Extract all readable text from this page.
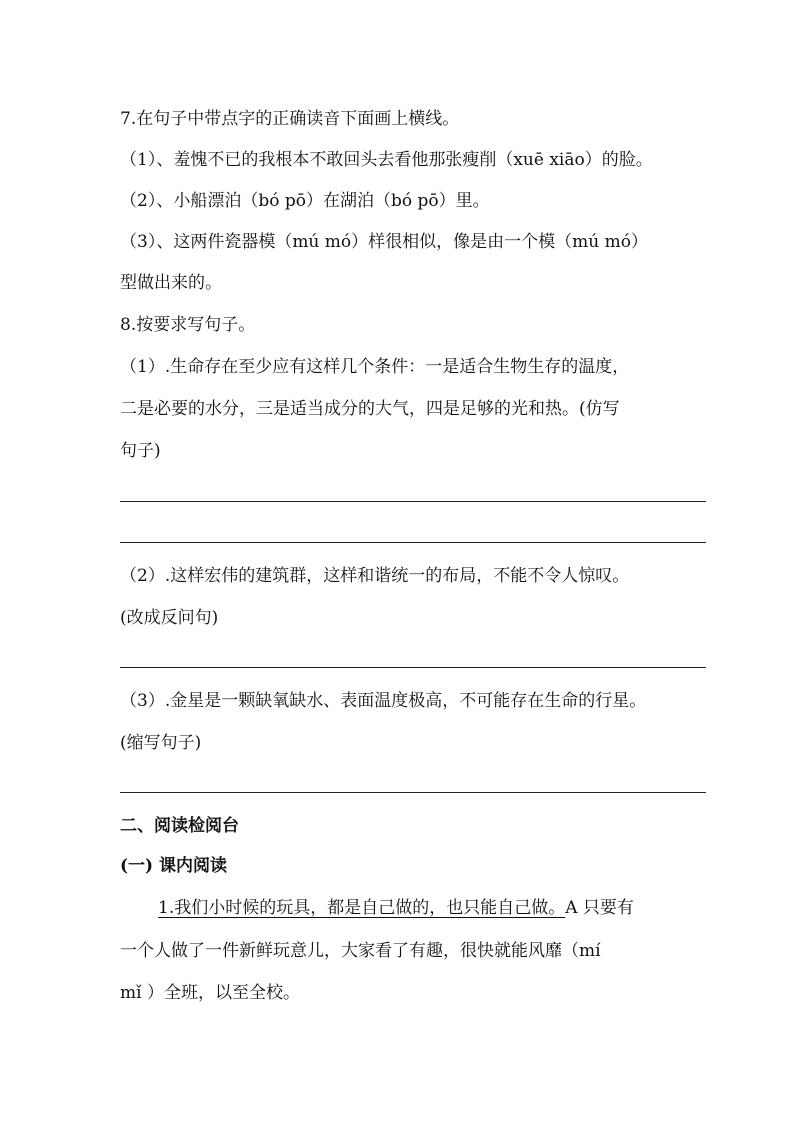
7.在句子中带点字的正确读音下面画上横线。
（1）、羞愧不已的我根本不敢回头去看他那张瘦削（xuē xiāo）的脸。
（2）、小船漂泊（bó pō）在湖泊（bó pō）里。
（3）、这两件瓷器模（mú mó）样很相似，像是由一个模（mú mó）
型做出来的。
8.按要求写句子。
（1）.生命存在至少应有这样几个条件：一是适合生物生存的温度，
二是必要的水分，三是适当成分的大气，四是足够的光和热。(仿写
句子)
（2）.这样宏伟的建筑群，这样和谐统一的布局，不能不令人惊叹。
(改成反问句)
（3）.金星是一颗缺氧缺水、表面温度极高，不可能存在生命的行星。
(缩写句子)
二、阅读检阅台
(一) 课内阅读
1.我们小时候的玩具，都是自己做的，也只能自己做。A 只要有
一个人做了一件新鲜玩意儿，大家看了有趣，很快就能风靡（mí
mǐ ）全班，以至全校。
